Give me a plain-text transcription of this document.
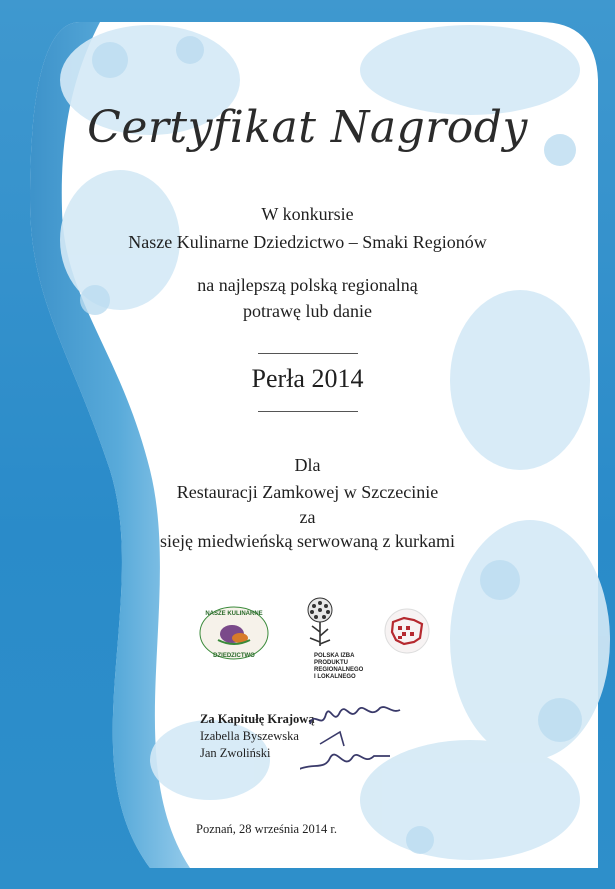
Certyfikat Nagrody
W konkursie
Nasze Kulinarne Dziedzictwo – Smaki Regionów
na najlepszą polską regionalną
potrawę lub danie
Perła 2014
Dla
Restauracji Zamkowej w Szczecinie
za
sieję miedwieńską serwowaną z kurkami
NASZE KULINARNE
DZIEDZICTWO	POLSKA IZBA
PRODUKTU
REGIONALNEGO
I LOKALNEGO
Za Kapitułę Krajową
Izabella Byszewska
Jan Zwoliński
Poznań, 28 września 2014 r.
